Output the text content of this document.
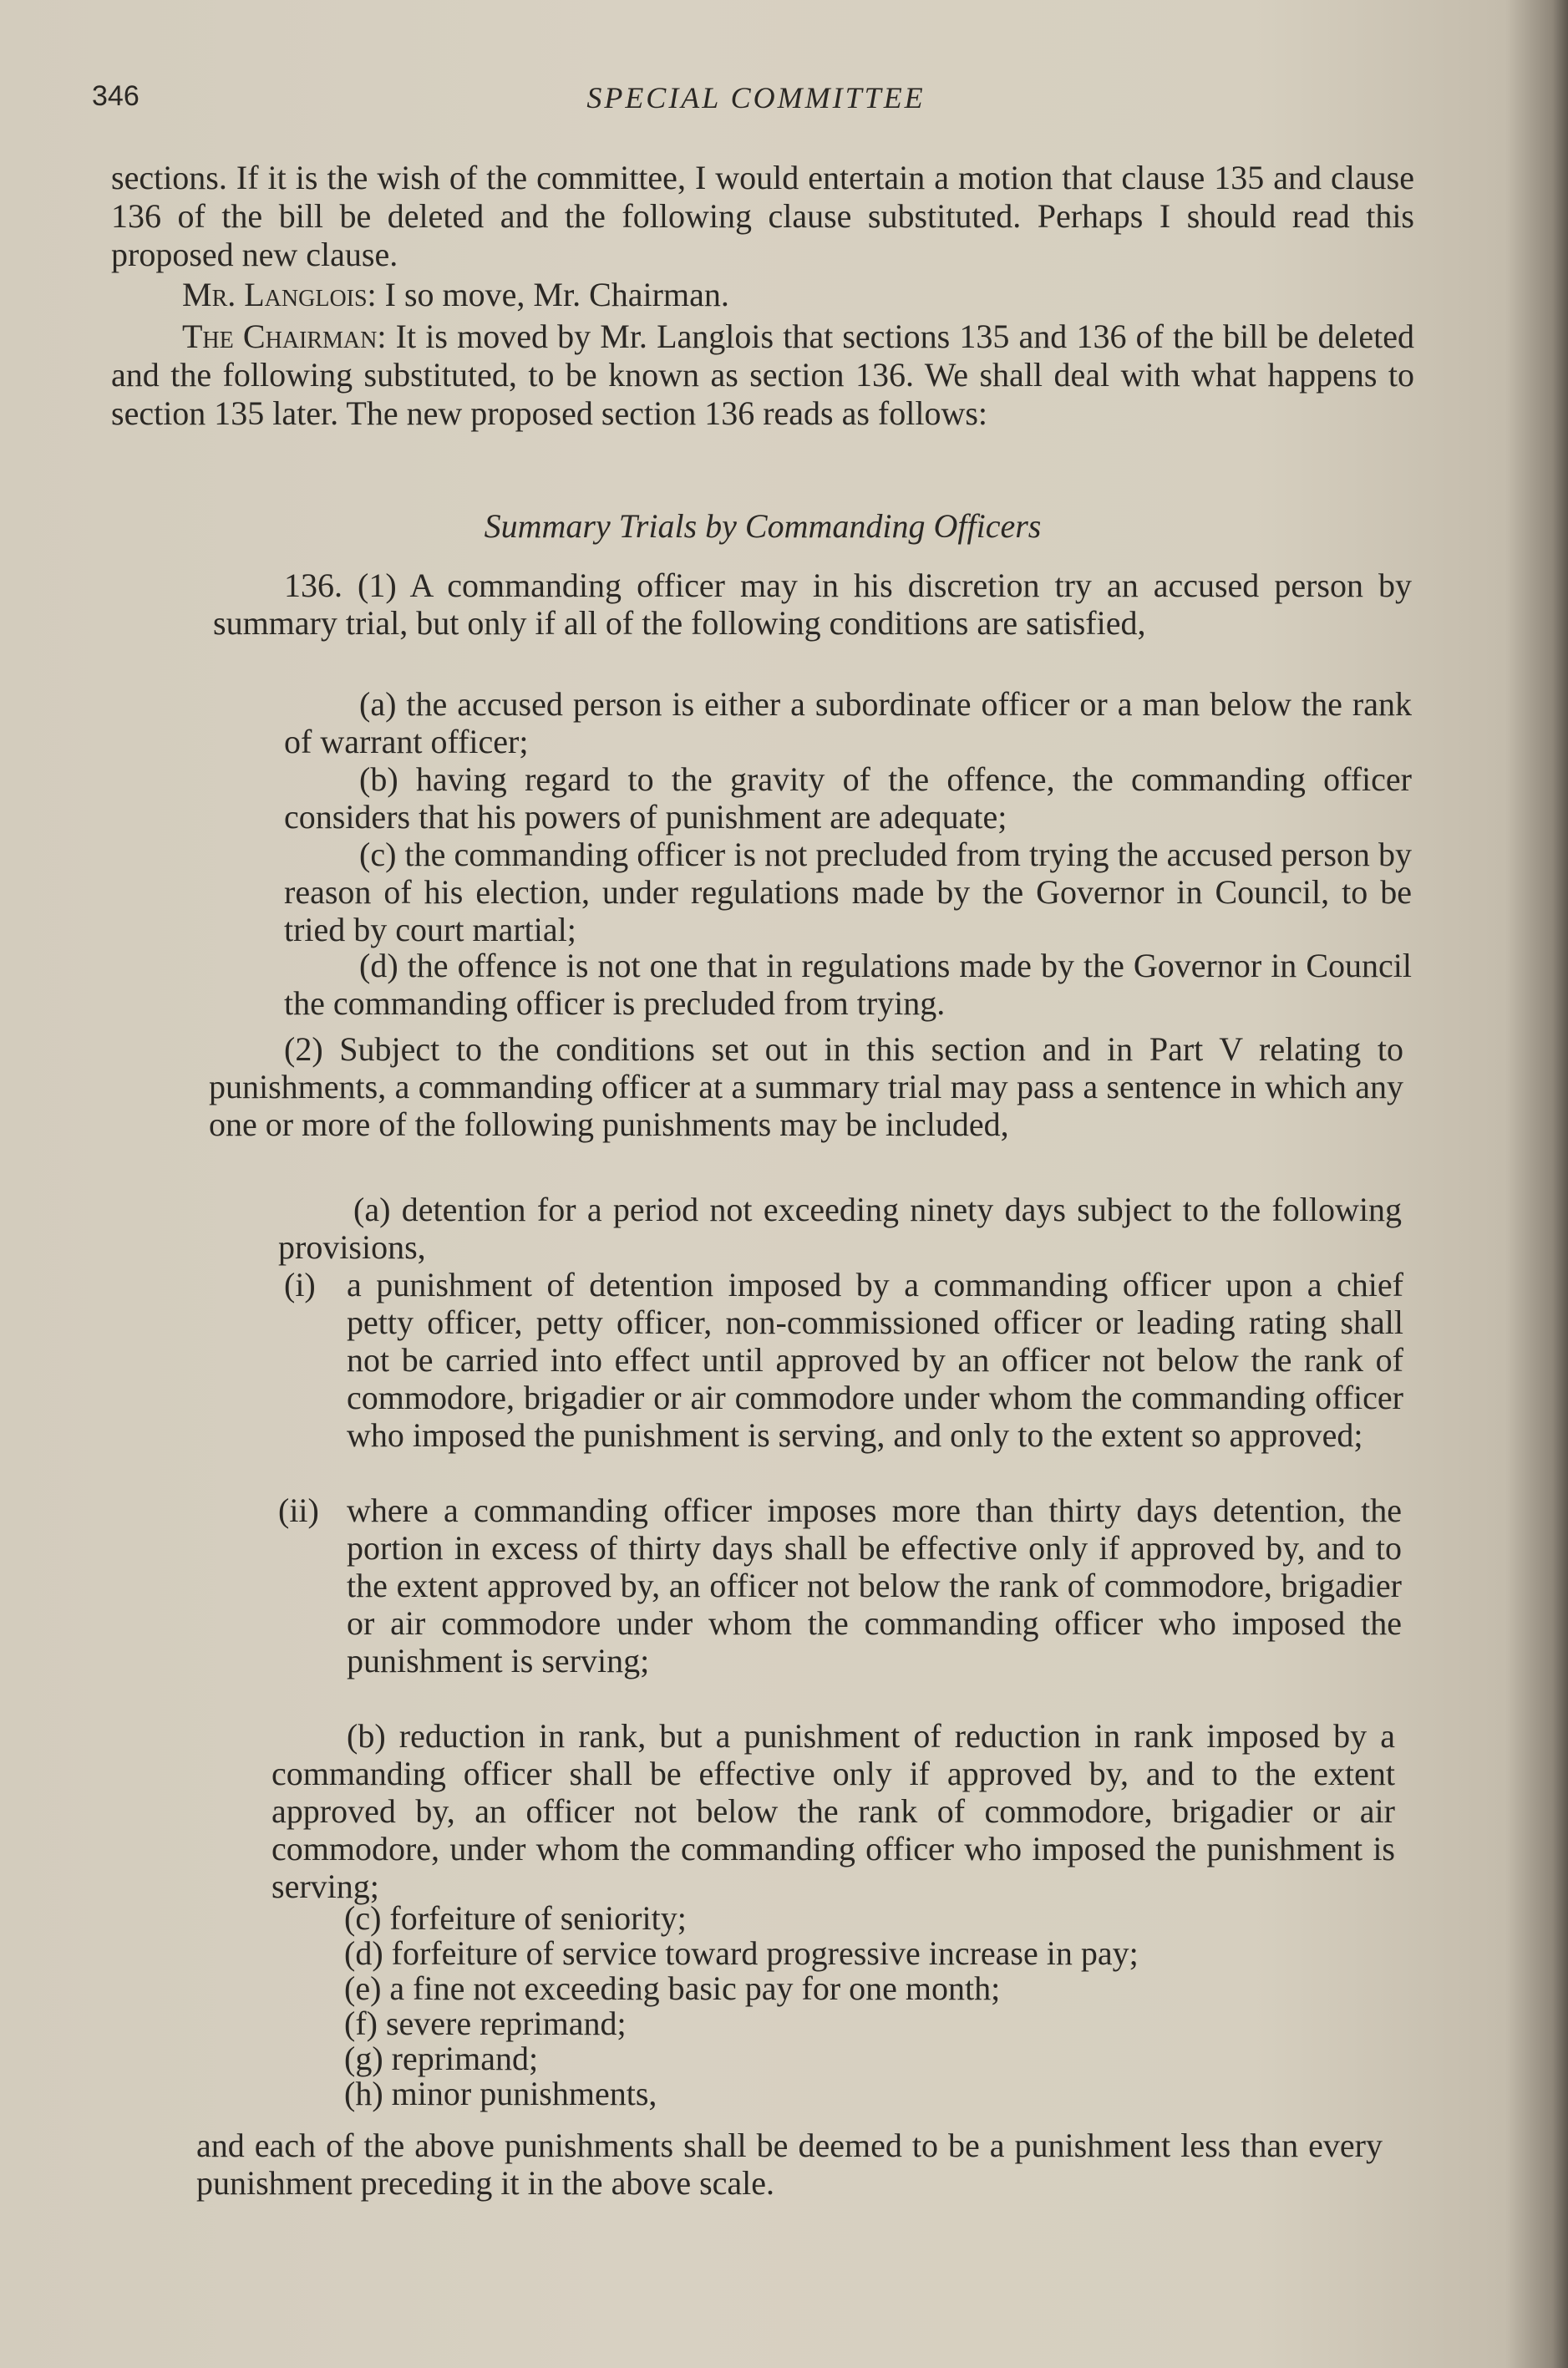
346	SPECIAL COMMITTEE
sections. If it is the wish of the committee, I would entertain a motion that clause 135 and clause 136 of the bill be deleted and the following clause substituted. Perhaps I should read this proposed new clause.
Mr. Langlois: I so move, Mr. Chairman.
The Chairman: It is moved by Mr. Langlois that sections 135 and 136 of the bill be deleted and the following substituted, to be known as section 136. We shall deal with what happens to section 135 later. The new proposed section 136 reads as follows:
Summary Trials by Commanding Officers
136. (1) A commanding officer may in his discretion try an accused person by summary trial, but only if all of the following conditions are satisfied,
(a) the accused person is either a subordinate officer or a man below the rank of warrant officer;
(b) having regard to the gravity of the offence, the commanding officer considers that his powers of punishment are adequate;
(c) the commanding officer is not precluded from trying the accused person by reason of his election, under regulations made by the Governor in Council, to be tried by court martial;
(d) the offence is not one that in regulations made by the Governor in Council the commanding officer is precluded from trying.
(2) Subject to the conditions set out in this section and in Part V relating to punishments, a commanding officer at a summary trial may pass a sentence in which any one or more of the following punishments may be included,
(a) detention for a period not exceeding ninety days subject to the following provisions,
(i) a punishment of detention imposed by a commanding officer upon a chief petty officer, petty officer, non-commissioned officer or leading rating shall not be carried into effect until approved by an officer not below the rank of commodore, brigadier or air commodore under whom the commanding officer who imposed the punishment is serving, and only to the extent so approved;
(ii) where a commanding officer imposes more than thirty days detention, the portion in excess of thirty days shall be effective only if approved by, and to the extent approved by, an officer not below the rank of commodore, brigadier or air commodore under whom the commanding officer who imposed the punishment is serving;
(b) reduction in rank, but a punishment of reduction in rank imposed by a commanding officer shall be effective only if approved by, and to the extent approved by, an officer not below the rank of commodore, brigadier or air commodore, under whom the commanding officer who imposed the punishment is serving;
(c) forfeiture of seniority;
(d) forfeiture of service toward progressive increase in pay;
(e) a fine not exceeding basic pay for one month;
(f) severe reprimand;
(g) reprimand;
(h) minor punishments,
and each of the above punishments shall be deemed to be a punishment less than every punishment preceding it in the above scale.
